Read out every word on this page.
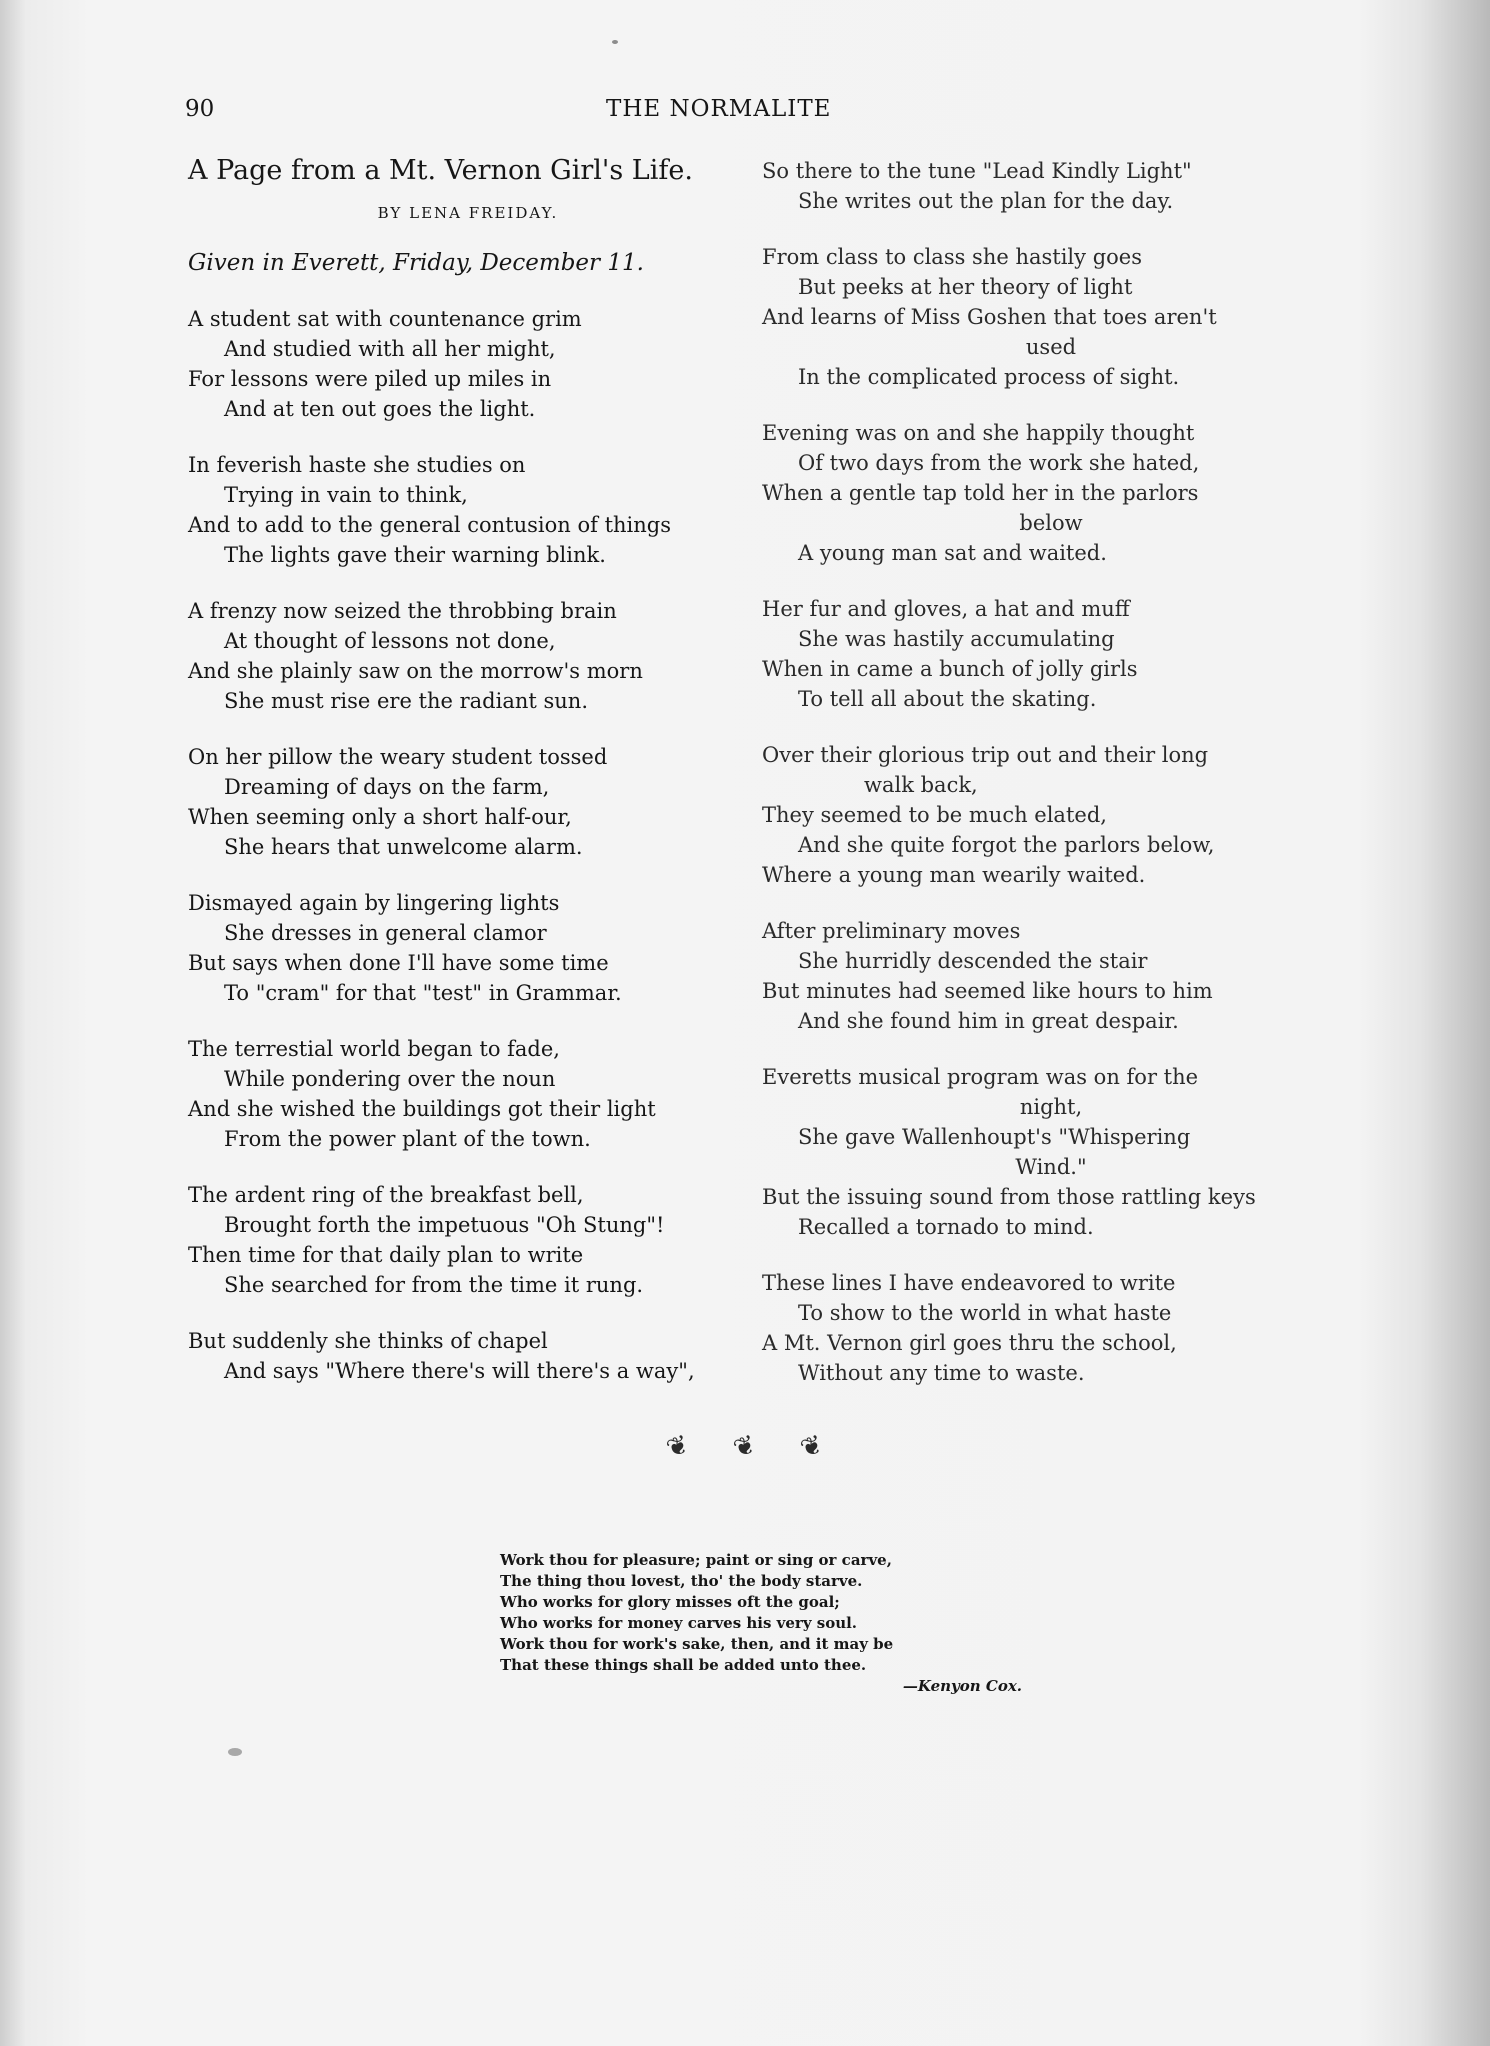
90	THE NORMALITE
A Page from a Mt. Vernon Girl's Life.
BY LENA FREIDAY.
Given in Everett, Friday, December 11.
A student sat with countenance grim
And studied with all her might,
For lessons were piled up miles in
And at ten out goes the light.
In feverish haste she studies on
Trying in vain to think,
And to add to the general contusion of things
The lights gave their warning blink.
A frenzy now seized the throbbing brain
At thought of lessons not done,
And she plainly saw on the morrow's morn
She must rise ere the radiant sun.
On her pillow the weary student tossed
Dreaming of days on the farm,
When seeming only a short half-our,
She hears that unwelcome alarm.
Dismayed again by lingering lights
She dresses in general clamor
But says when done I'll have some time
To "cram" for that "test" in Grammar.
The terrestial world began to fade,
While pondering over the noun
And she wished the buildings got their light
From the power plant of the town.
The ardent ring of the breakfast bell,
Brought forth the impetuous "Oh Stung"!
Then time for that daily plan to write
She searched for from the time it rung.
But suddenly she thinks of chapel
And says "Where there's will there's a way",
So there to the tune "Lead Kindly Light"
She writes out the plan for the day.
From class to class she hastily goes
But peeks at her theory of light
And learns of Miss Goshen that toes aren't
used
In the complicated process of sight.
Evening was on and she happily thought
Of two days from the work she hated,
When a gentle tap told her in the parlors
below
A young man sat and waited.
Her fur and gloves, a hat and muff
She was hastily accumulating
When in came a bunch of jolly girls
To tell all about the skating.
Over their glorious trip out and their long
walk back,
They seemed to be much elated,
And she quite forgot the parlors below,
Where a young man wearily waited.
After preliminary moves
She hurridly descended the stair
But minutes had seemed like hours to him
And she found him in great despair.
Everetts musical program was on for the
night,
She gave Wallenhoupt's "Whispering
Wind."
But the issuing sound from those rattling keys
Recalled a tornado to mind.
These lines I have endeavored to write
To show to the world in what haste
A Mt. Vernon girl goes thru the school,
Without any time to waste.
❦ ❦ ❦
Work thou for pleasure; paint or sing or carve,
The thing thou lovest, tho' the body starve.
Who works for glory misses oft the goal;
Who works for money carves his very soul.
Work thou for work's sake, then, and it may be
That these things shall be added unto thee.
—Kenyon Cox.
